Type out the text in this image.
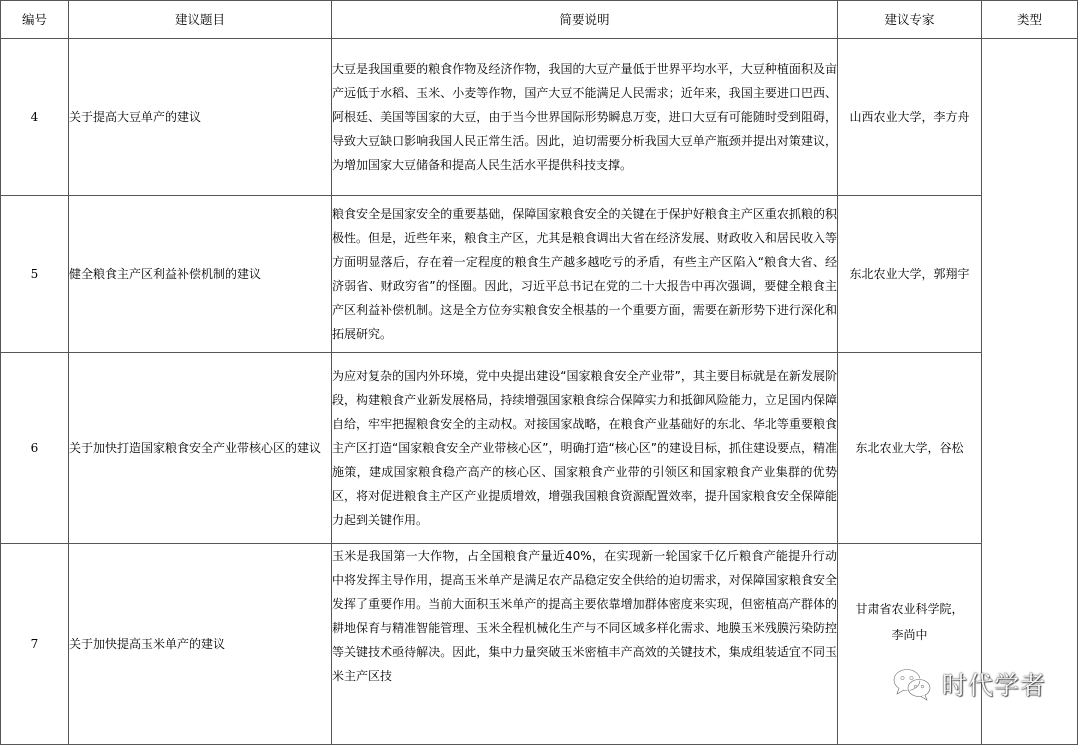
编号	建议题目	简要说明	建议专家	类型
4	关于提高大豆单产的建议	大豆是我国重要的粮食作物及经济作物，我国的大豆产量低于世界平均水平，大豆种植面积及亩产远低于水稻、玉米、小麦等作物，国产大豆不能满足人民需求；近年来，我国主要进口巴西、阿根廷、美国等国家的大豆，由于当今世界国际形势瞬息万变，进口大豆有可能随时受到阻碍，导致大豆缺口影响我国人民正常生活。因此，迫切需要分析我国大豆单产瓶颈并提出对策建议，为增加国家大豆储备和提高人民生活水平提供科技支撑。	山西农业大学，李方舟	
5	健全粮食主产区利益补偿机制的建议	粮食安全是国家安全的重要基础，保障国家粮食安全的关键在于保护好粮食主产区重农抓粮的积极性。但是，近些年来，粮食主产区，尤其是粮食调出大省在经济发展、财政收入和居民收入等方面明显落后，存在着一定程度的粮食生产越多越吃亏的矛盾，有些主产区陷入“粮食大省、经济弱省、财政穷省”的怪圈。因此，习近平总书记在党的二十大报告中再次强调，要健全粮食主产区利益补偿机制。这是全方位夯实粮食安全根基的一个重要方面，需要在新形势下进行深化和拓展研究。	东北农业大学，郭翔宇	
6	关于加快打造国家粮食安全产业带核心区的建议	为应对复杂的国内外环境，党中央提出建设“国家粮食安全产业带”，其主要目标就是在新发展阶段，构建粮食产业新发展格局，持续增强国家粮食综合保障实力和抵御风险能力，立足国内保障自给，牢牢把握粮食安全的主动权。对接国家战略，在粮食产业基础好的东北、华北等重要粮食主产区打造“国家粮食安全产业带核心区”，明确打造“核心区”的建设目标，抓住建设要点，精准施策，建成国家粮食稳产高产的核心区、国家粮食产业带的引领区和国家粮食产业集群的优势区，将对促进粮食主产区产业提质增效，增强我国粮食资源配置效率，提升国家粮食安全保障能力起到关键作用。	东北农业大学，谷松	
7	关于加快提高玉米单产的建议	玉米是我国第一大作物，占全国粮食产量近40%，在实现新一轮国家千亿斤粮食产能提升行动中将发挥主导作用，提高玉米单产是满足农产品稳定安全供给的迫切需求，对保障国家粮食安全发挥了重要作用。当前大面积玉米单产的提高主要依靠增加群体密度来实现，但密植高产群体的耕地保育与精准智能管理、玉米全程机械化生产与不同区域多样化需求、地膜玉米残膜污染防控等关键技术亟待解决。因此，集中力量突破玉米密植丰产高效的关键技术，集成组装适宜不同玉米主产区技	甘肃省农业科学院，
李尚中	
时代学者
